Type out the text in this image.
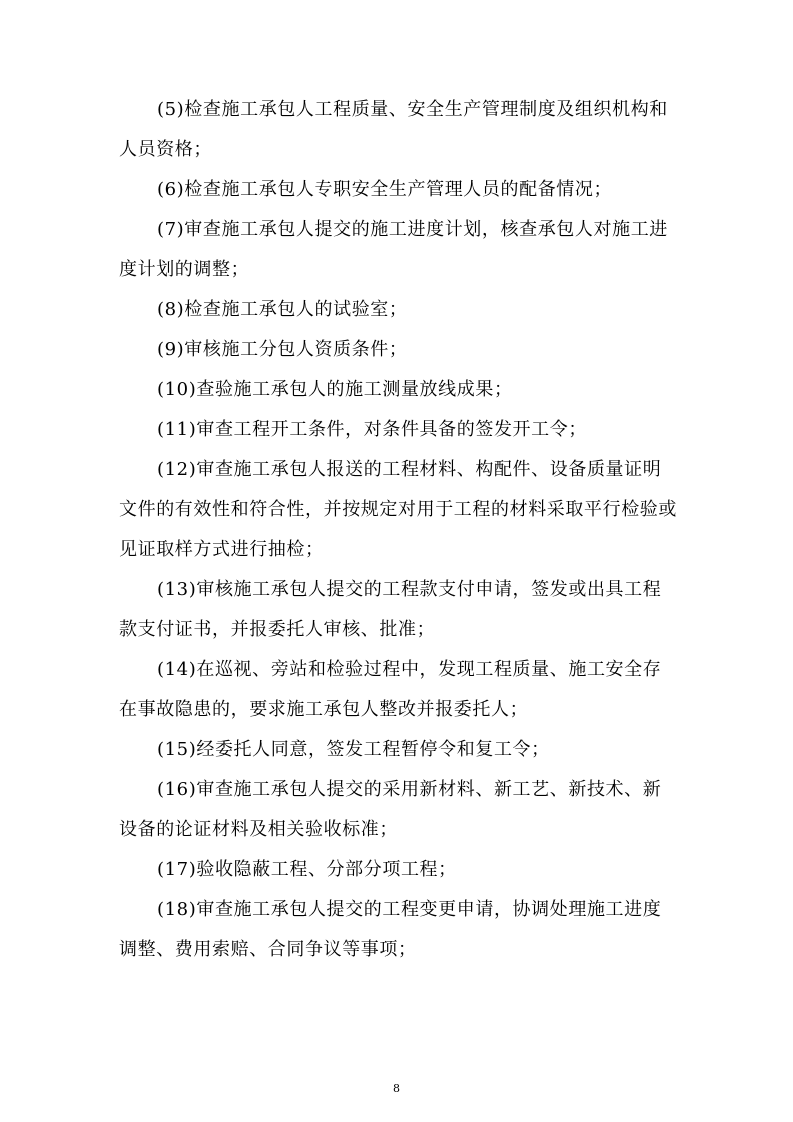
(5)检查施工承包人工程质量、安全生产管理制度及组织机构和人员资格；

(6)检查施工承包人专职安全生产管理人员的配备情况；

(7)审查施工承包人提交的施工进度计划，核查承包人对施工进度计划的调整；

(8)检查施工承包人的试验室；

(9)审核施工分包人资质条件；

(10)查验施工承包人的施工测量放线成果；

(11)审查工程开工条件，对条件具备的签发开工令；

(12)审查施工承包人报送的工程材料、构配件、设备质量证明文件的有效性和符合性，并按规定对用于工程的材料采取平行检验或见证取样方式进行抽检；

(13)审核施工承包人提交的工程款支付申请，签发或出具工程款支付证书，并报委托人审核、批准；

(14)在巡视、旁站和检验过程中，发现工程质量、施工安全存在事故隐患的，要求施工承包人整改并报委托人；

(15)经委托人同意，签发工程暂停令和复工令；

(16)审查施工承包人提交的采用新材料、新工艺、新技术、新设备的论证材料及相关验收标准；

(17)验收隐蔽工程、分部分项工程；

(18)审查施工承包人提交的工程变更申请，协调处理施工进度调整、费用索赔、合同争议等事项；

8
